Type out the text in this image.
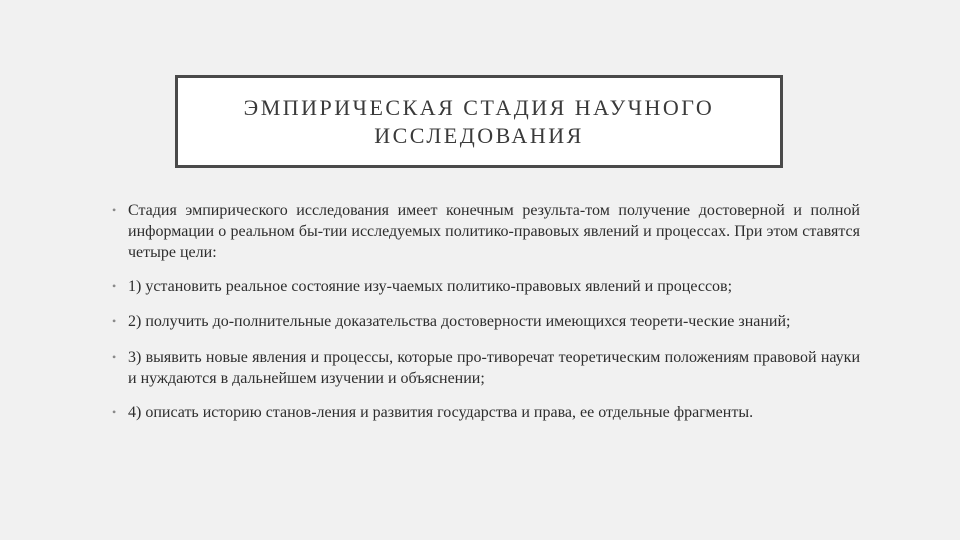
ЭМПИРИЧЕСКАЯ СТАДИЯ НАУЧНОГО
ИССЛЕДОВАНИЯ
• Стадия эмпирического исследования имеет конечным результа-том получение достоверной и полной информации о реальном бы-тии исследуемых политико-правовых явлений и процессах. При этом ставятся четыре цели:
• 1) установить реальное состояние изу-чаемых политико-правовых явлений и процессов;
• 2) получить до-полнительные доказательства достоверности имеющихся теорети-ческие знаний;
• 3) выявить новые явления и процессы, которые про-тиворечат теоретическим положениям правовой науки и нуждаются в дальнейшем изучении и объяснении;
• 4) описать историю станов-ления и развития государства и права, ее отдельные фрагменты.
